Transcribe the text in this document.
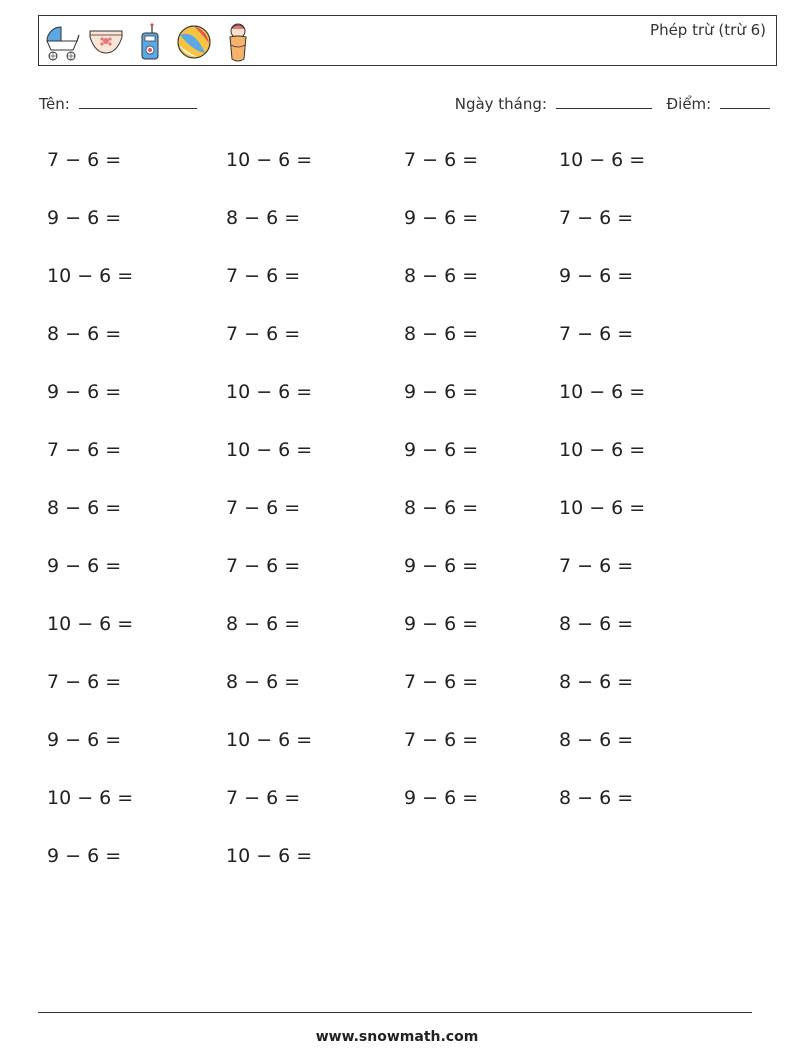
Phép trừ (trừ 6)
Tên:	Ngày tháng:	Điểm:
7 − 6 =	10 − 6 =	7 − 6 =	10 − 6 =
9 − 6 =	8 − 6 =	9 − 6 =	7 − 6 =
10 − 6 =	7 − 6 =	8 − 6 =	9 − 6 =
8 − 6 =	7 − 6 =	8 − 6 =	7 − 6 =
9 − 6 =	10 − 6 =	9 − 6 =	10 − 6 =
7 − 6 =	10 − 6 =	9 − 6 =	10 − 6 =
8 − 6 =	7 − 6 =	8 − 6 =	10 − 6 =
9 − 6 =	7 − 6 =	9 − 6 =	7 − 6 =
10 − 6 =	8 − 6 =	9 − 6 =	8 − 6 =
7 − 6 =	8 − 6 =	7 − 6 =	8 − 6 =
9 − 6 =	10 − 6 =	7 − 6 =	8 − 6 =
10 − 6 =	7 − 6 =	9 − 6 =	8 − 6 =
9 − 6 =	10 − 6 =
www.snowmath.com
